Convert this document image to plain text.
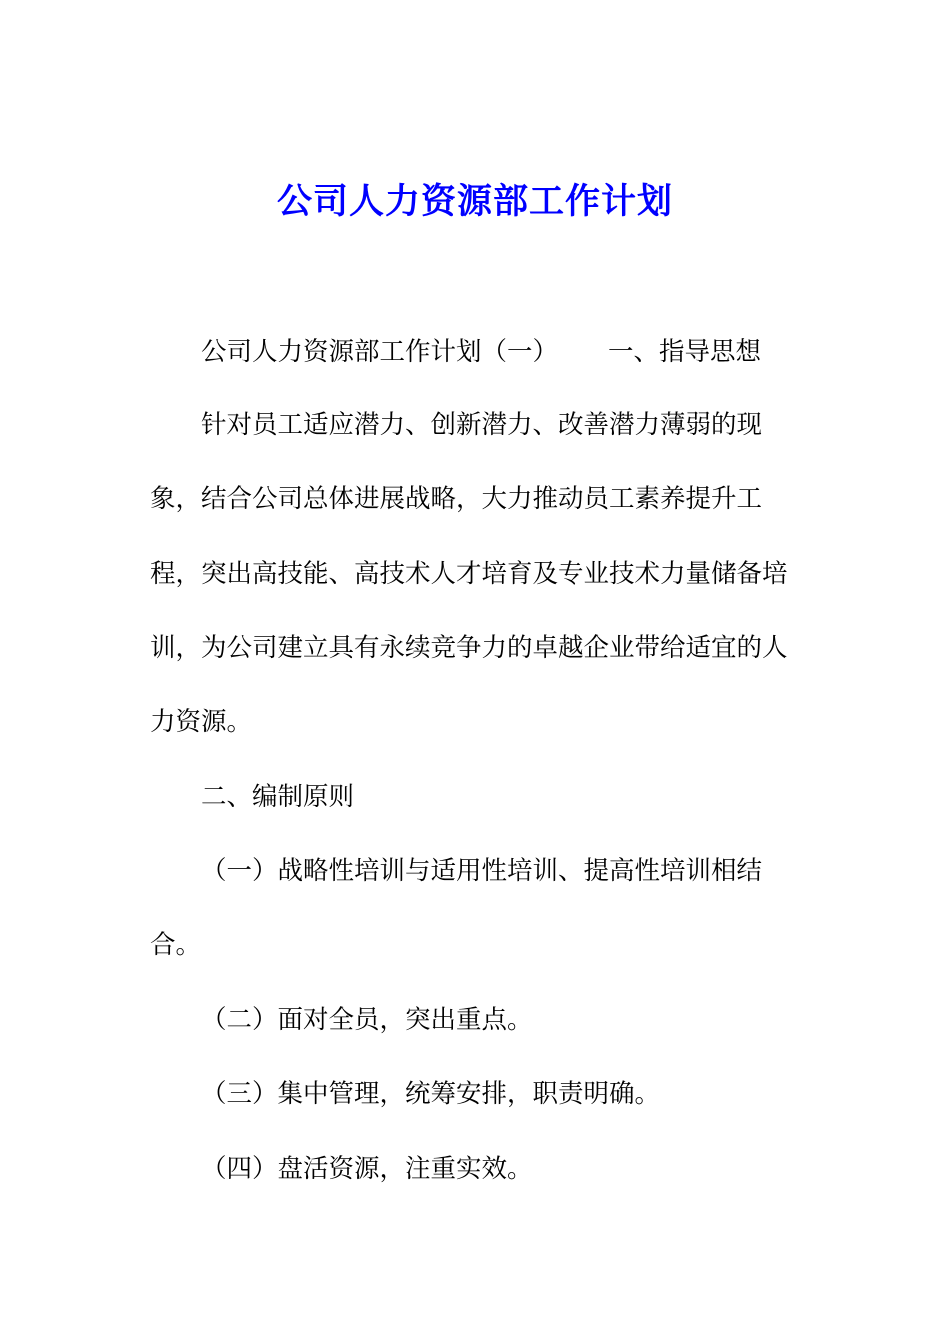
公司人力资源部工作计划
公司人力资源部工作计划（一） 一、指导思想
针对员工适应潜力、创新潜力、改善潜力薄弱的现
象，结合公司总体进展战略，大力推动员工素养提升工
程，突出高技能、高技术人才培育及专业技术力量储备培
训，为公司建立具有永续竞争力的卓越企业带给适宜的人
力资源。
二、编制原则
（一）战略性培训与适用性培训、提高性培训相结
合。
（二）面对全员，突出重点。
（三）集中管理，统筹安排，职责明确。
（四）盘活资源，注重实效。
